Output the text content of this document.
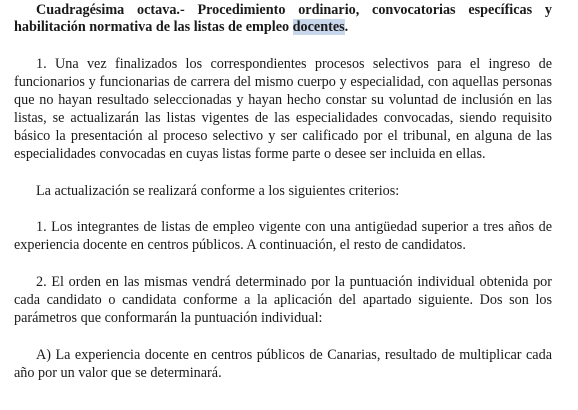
Cuadragésima octava.- Procedimiento ordinario, convocatorias específicas y habilitación normativa de las listas de empleo docentes.

1. Una vez finalizados los correspondientes procesos selectivos para el ingreso de funcionarios y funcionarias de carrera del mismo cuerpo y especialidad, con aquellas personas que no hayan resultado seleccionadas y hayan hecho constar su voluntad de inclusión en las listas, se actualizarán las listas vigentes de las especialidades convocadas, siendo requisito básico la presentación al proceso selectivo y ser calificado por el tribunal, en alguna de las especialidades convocadas en cuyas listas forme parte o desee ser incluida en ellas.

La actualización se realizará conforme a los siguientes criterios:

1. Los integrantes de listas de empleo vigente con una antigüedad superior a tres años de experiencia docente en centros públicos. A continuación, el resto de candidatos.

2. El orden en las mismas vendrá determinado por la puntuación individual obtenida por cada candidato o candidata conforme a la aplicación del apartado siguiente. Dos son los parámetros que conformarán la puntuación individual:

A) La experiencia docente en centros públicos de Canarias, resultado de multiplicar cada año por un valor que se determinará.
